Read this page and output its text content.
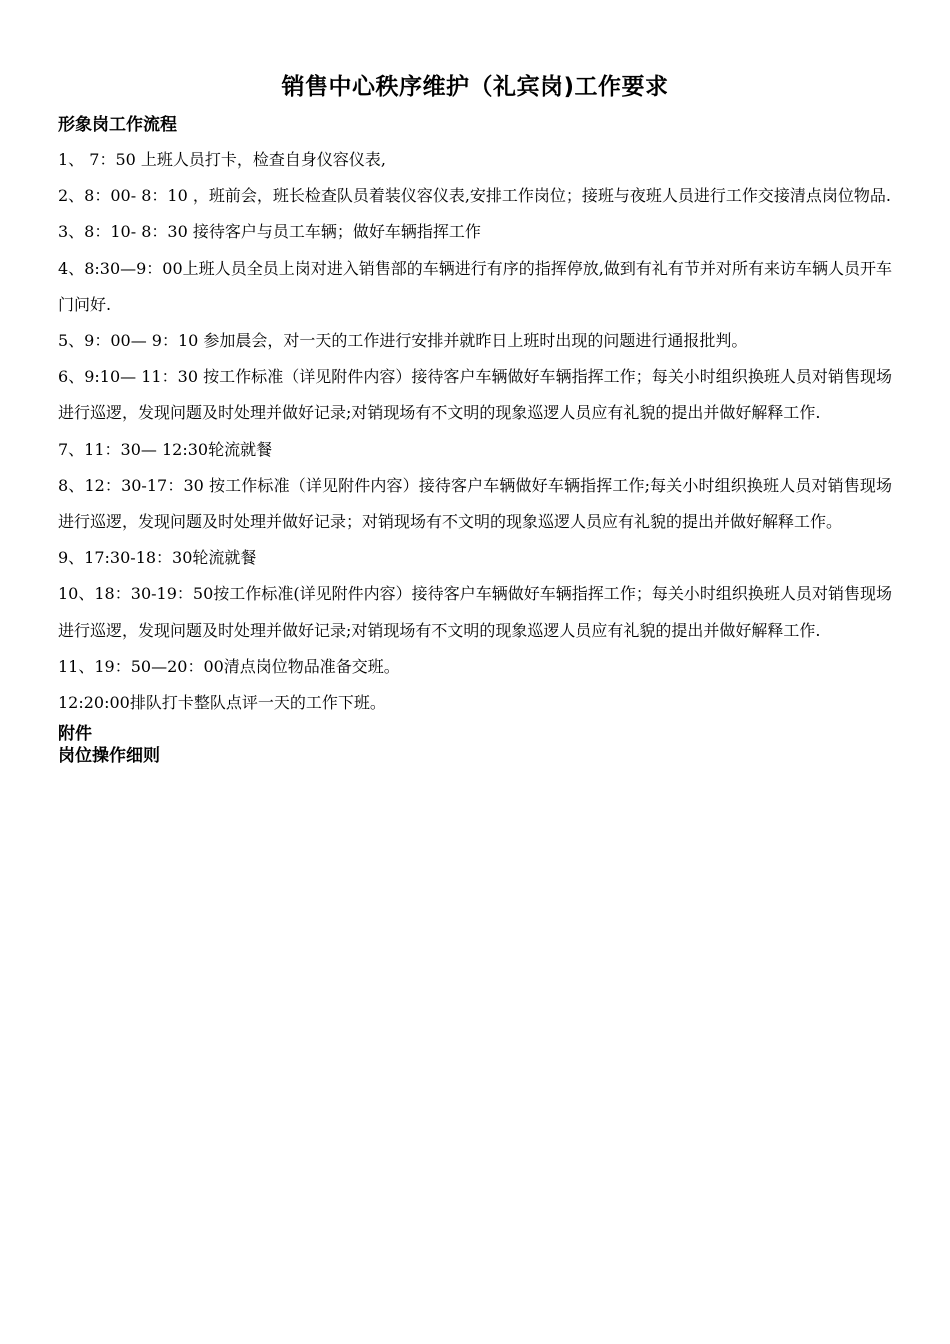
销售中心秩序维护（礼宾岗)工作要求
形象岗工作流程

1、 7：50 上班人员打卡，检查自身仪容仪表,

2、8：00- 8：10 ，班前会，班长检查队员着装仪容仪表,安排工作岗位；接班与夜班人员进行工作交接清点岗位物品.

3、8：10- 8：30 接待客户与员工车辆；做好车辆指挥工作

4、8:30—9：00上班人员全员上岗对进入销售部的车辆进行有序的指挥停放,做到有礼有节并对所有来访车辆人员开车门问好.

5、9：00— 9：10 参加晨会，对一天的工作进行安排并就昨日上班时出现的问题进行通报批判。

6、9:10— 11：30 按工作标准（详见附件内容）接待客户车辆做好车辆指挥工作；每关小时组织换班人员对销售现场进行巡逻，发现问题及时处理并做好记录;对销现场有不文明的现象巡逻人员应有礼貌的提出并做好解释工作.

7、11：30— 12:30轮流就餐

8、12：30-17：30 按工作标准（详见附件内容）接待客户车辆做好车辆指挥工作;每关小时组织换班人员对销售现场进行巡逻，发现问题及时处理并做好记录；对销现场有不文明的现象巡逻人员应有礼貌的提出并做好解释工作。

9、17:30-18：30轮流就餐

10、18：30-19：50按工作标准(详见附件内容）接待客户车辆做好车辆指挥工作；每关小时组织换班人员对销售现场进行巡逻，发现问题及时处理并做好记录;对销现场有不文明的现象巡逻人员应有礼貌的提出并做好解释工作.

11、19：50—20：00清点岗位物品准备交班。

12:20:00排队打卡整队点评一天的工作下班。

附件
岗位操作细则
